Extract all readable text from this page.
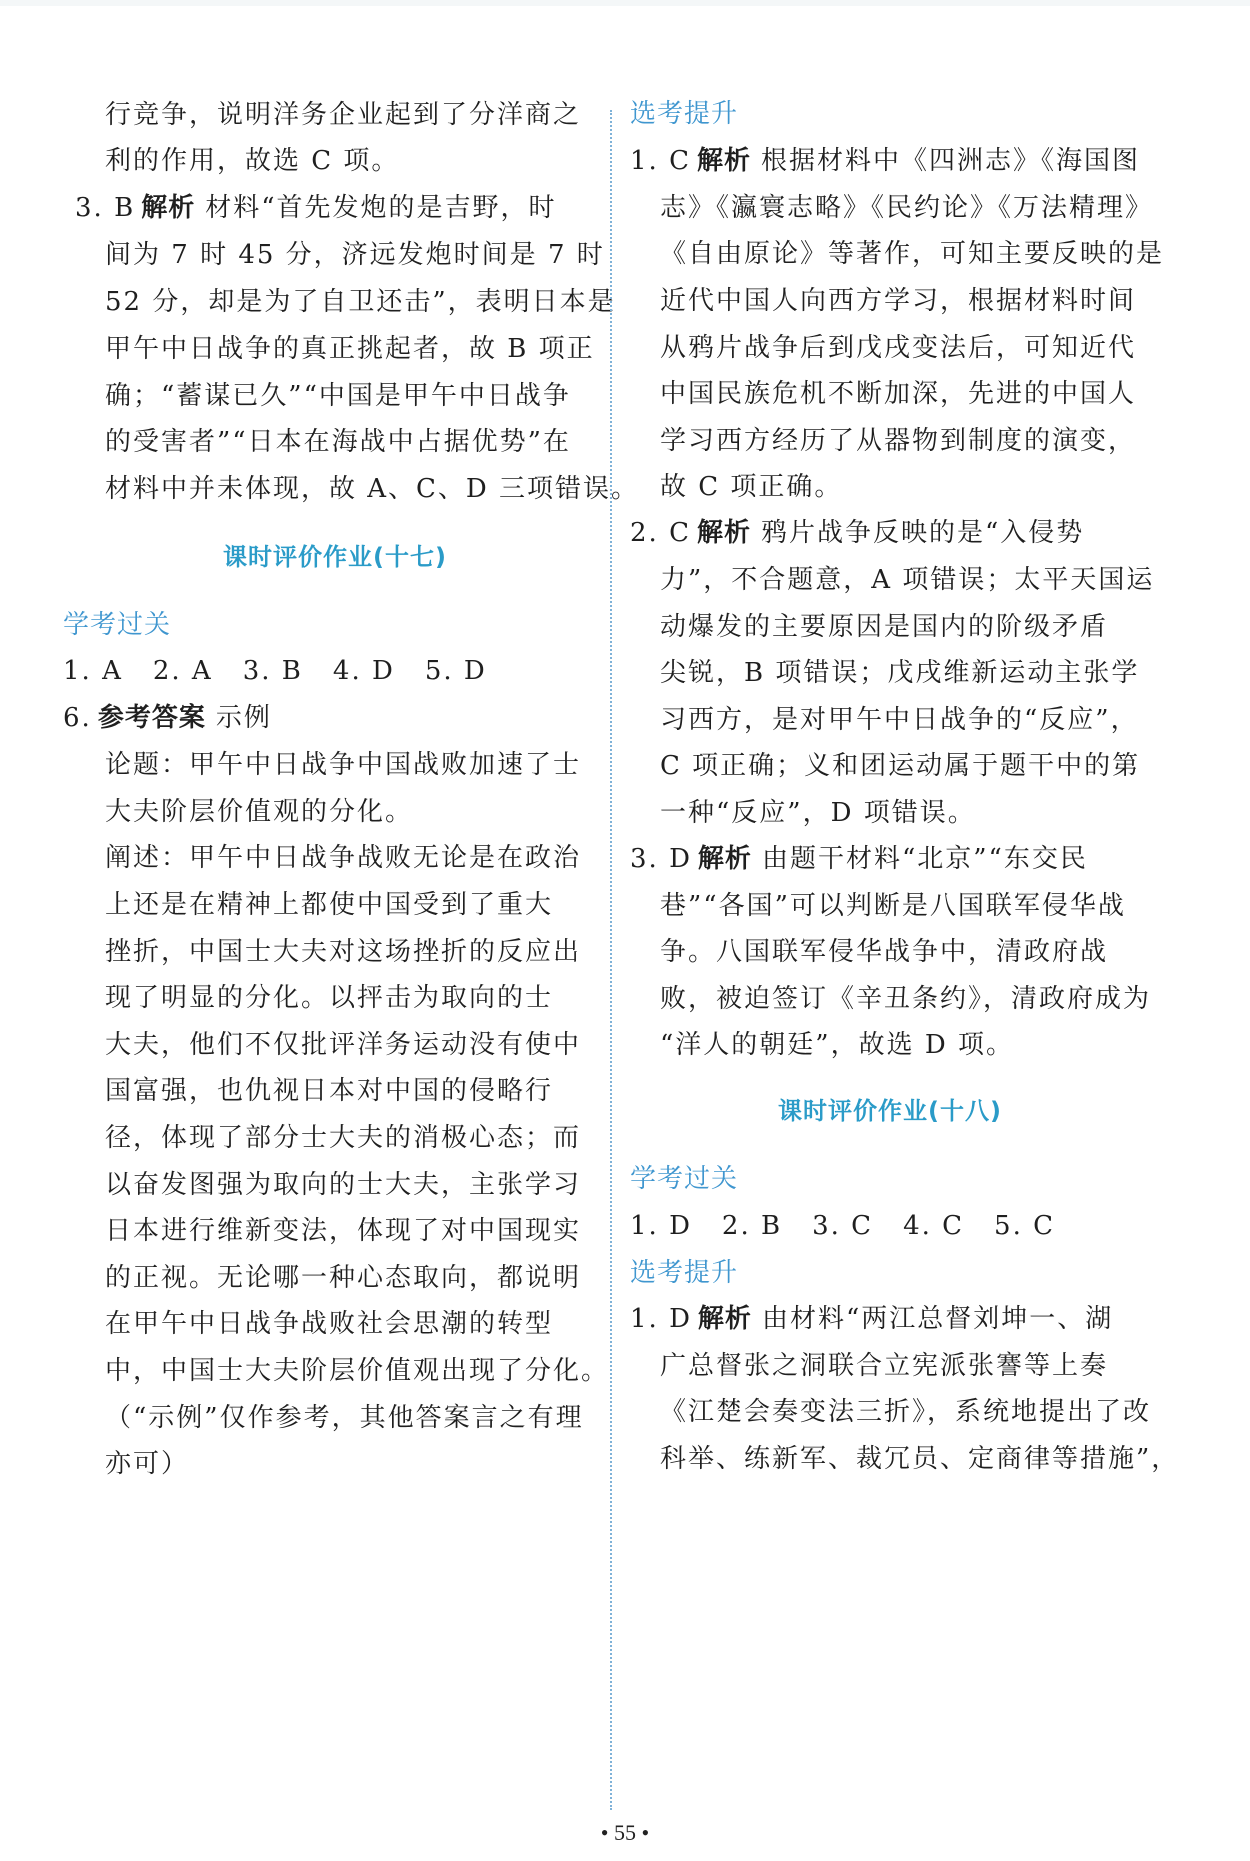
行竞争，说明洋务企业起到了分洋商之
利的作用，故选 C 项。
3. B 解析 材料“首先发炮的是吉野，时
间为 7 时 45 分，济远发炮时间是 7 时
52 分，却是为了自卫还击”，表明日本是
甲午中日战争的真正挑起者，故 B 项正
确；“蓄谋已久”“中国是甲午中日战争
的受害者”“日本在海战中占据优势”在
材料中并未体现，故 A、C、D 三项错误。
课时评价作业(十七)
学考过关
1. A 2. A 3. B 4. D 5. D
6. 参考答案 示例
论题：甲午中日战争中国战败加速了士
大夫阶层价值观的分化。
阐述：甲午中日战争战败无论是在政治
上还是在精神上都使中国受到了重大
挫折，中国士大夫对这场挫折的反应出
现了明显的分化。以抨击为取向的士
大夫，他们不仅批评洋务运动没有使中
国富强，也仇视日本对中国的侵略行
径，体现了部分士大夫的消极心态；而
以奋发图强为取向的士大夫，主张学习
日本进行维新变法，体现了对中国现实
的正视。无论哪一种心态取向，都说明
在甲午中日战争战败社会思潮的转型
中，中国士大夫阶层价值观出现了分化。
（“示例”仅作参考，其他答案言之有理
亦可）
选考提升
1. C 解析 根据材料中《四洲志》《海国图
志》《瀛寰志略》《民约论》《万法精理》
《自由原论》等著作，可知主要反映的是
近代中国人向西方学习，根据材料时间
从鸦片战争后到戊戌变法后，可知近代
中国民族危机不断加深，先进的中国人
学习西方经历了从器物到制度的演变，
故 C 项正确。
2. C 解析 鸦片战争反映的是“入侵势
力”，不合题意，A 项错误；太平天国运
动爆发的主要原因是国内的阶级矛盾
尖锐，B 项错误；戊戌维新运动主张学
习西方，是对甲午中日战争的“反应”，
C 项正确；义和团运动属于题干中的第
一种“反应”，D 项错误。
3. D 解析 由题干材料“北京”“东交民
巷”“各国”可以判断是八国联军侵华战
争。八国联军侵华战争中，清政府战
败，被迫签订《辛丑条约》，清政府成为
“洋人的朝廷”，故选 D 项。
课时评价作业(十八)
学考过关
1. D 2. B 3. C 4. C 5. C
选考提升
1. D 解析 由材料“两江总督刘坤一、湖
广总督张之洞联合立宪派张謇等上奏
《江楚会奏变法三折》，系统地提出了改
科举、练新军、裁冗员、定商律等措施”，
• 55 •
